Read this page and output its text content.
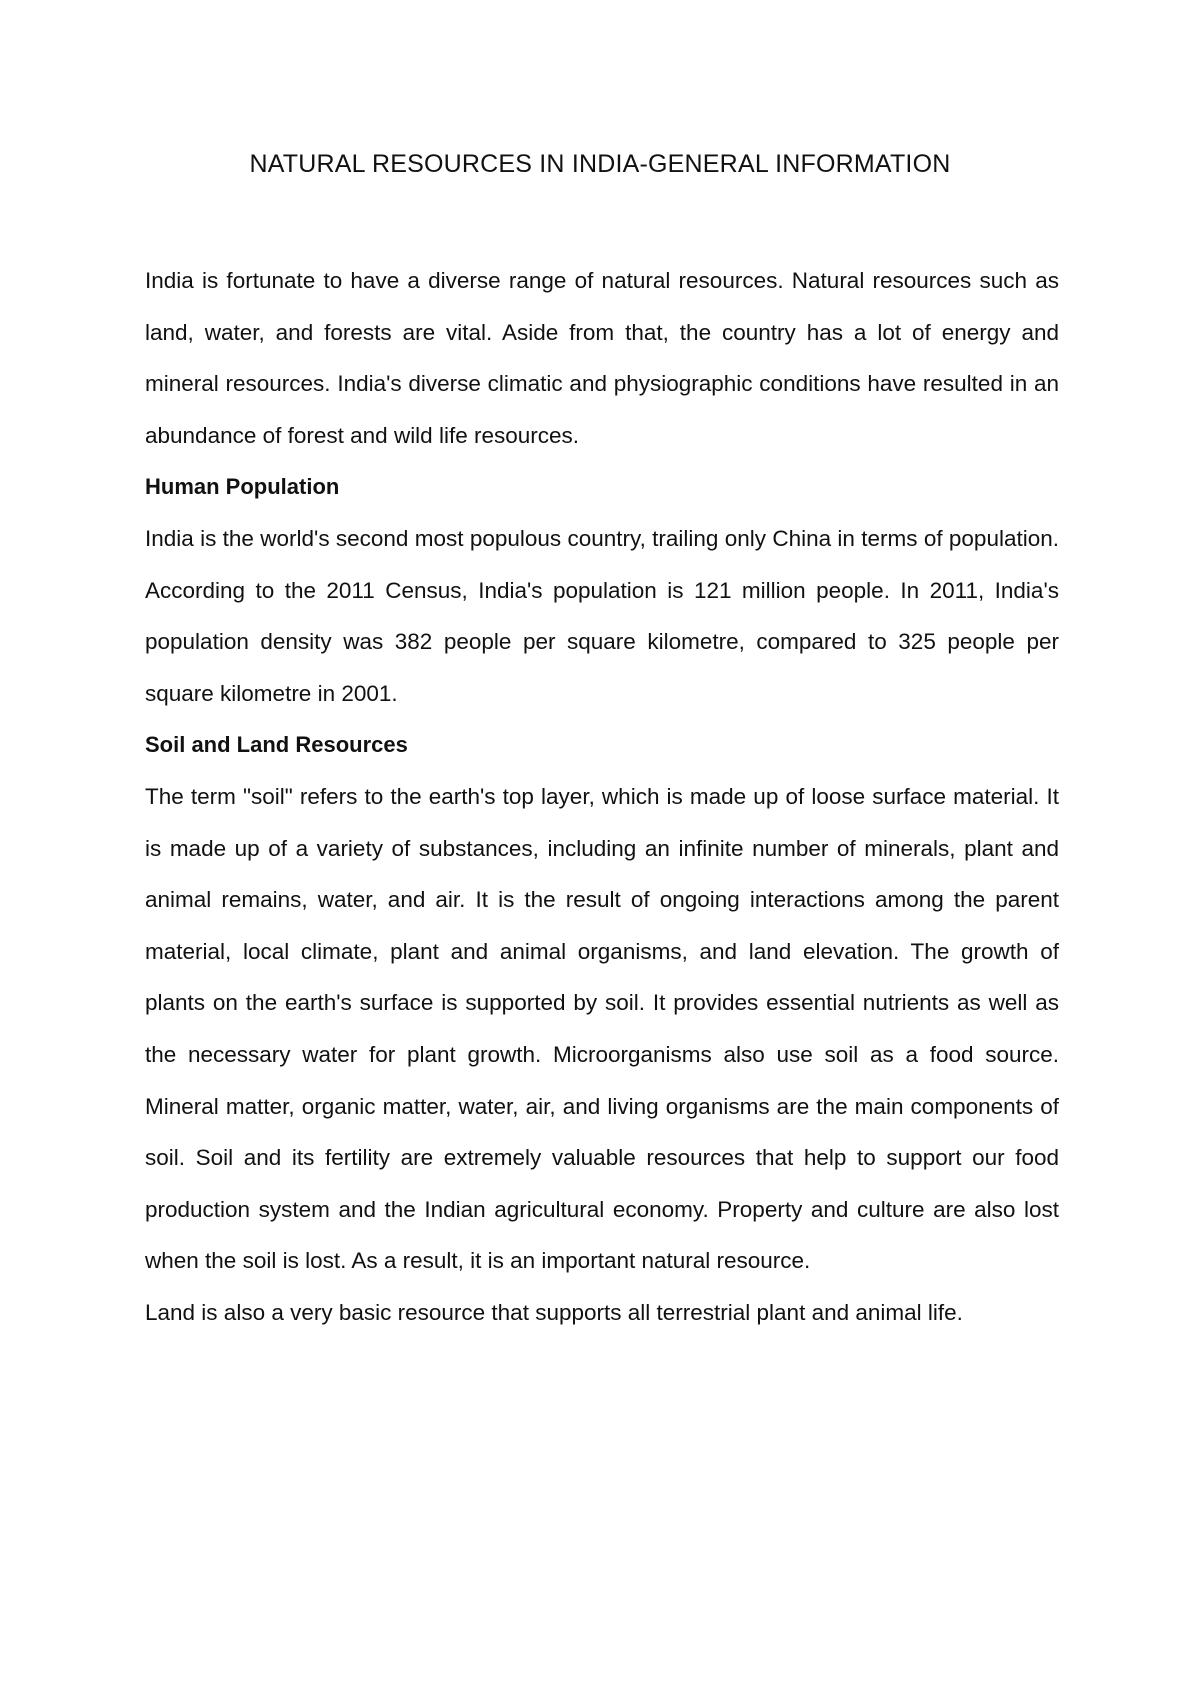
NATURAL RESOURCES IN INDIA-GENERAL INFORMATION

India is fortunate to have a diverse range of natural resources. Natural resources such as land, water, and forests are vital. Aside from that, the country has a lot of energy and mineral resources. India's diverse climatic and physiographic conditions have resulted in an abundance of forest and wild life resources.

Human Population

India is the world's second most populous country, trailing only China in terms of population. According to the 2011 Census, India's population is 121 million people. In 2011, India's population density was 382 people per square kilometre, compared to 325 people per square kilometre in 2001.

Soil and Land Resources

The term "soil" refers to the earth's top layer, which is made up of loose surface material. It is made up of a variety of substances, including an infinite number of minerals, plant and animal remains, water, and air. It is the result of ongoing interactions among the parent material, local climate, plant and animal organisms, and land elevation. The growth of plants on the earth's surface is supported by soil. It provides essential nutrients as well as the necessary water for plant growth. Microorganisms also use soil as a food source. Mineral matter, organic matter, water, air, and living organisms are the main components of soil. Soil and its fertility are extremely valuable resources that help to support our food production system and the Indian agricultural economy. Property and culture are also lost when the soil is lost. As a result, it is an important natural resource.

Land is also a very basic resource that supports all terrestrial plant and animal life.
